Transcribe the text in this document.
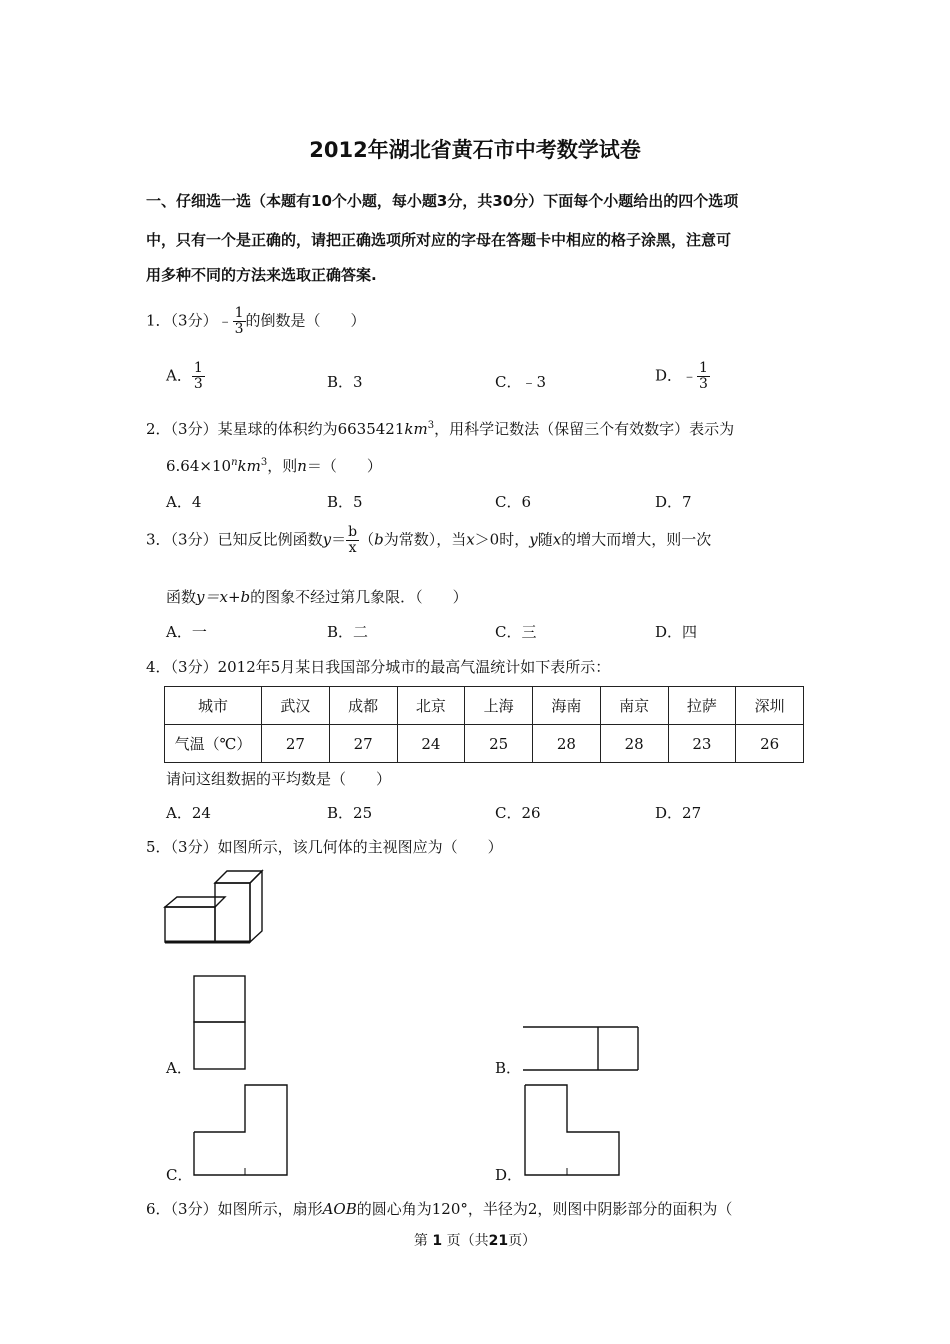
2012年湖北省黄石市中考数学试卷
一、仔细选一选（本题有10个小题，每小题3分，共30分）下面每个小题给出的四个选项
中，只有一个是正确的，请把正确选项所对应的字母在答题卡中相应的格子涂黑，注意可
用多种不同的方法来选取正确答案.
1．（3分）﹣ $\frac{1}{3}$ 的倒数是（　　）
A． $\frac{1}{3}$	B．3	C．﹣3	D．﹣ $\frac{1}{3}$
2．（3分）某星球的体积约为$6635421km^3$，用科学记数法（保留三个有效数字）表示为
$6.64\times 10^nkm^3$，则n＝（　　）
A．4	B．5	C．6	D．7
3．（3分）已知反比例函数$y= \frac{b}{x} (b$为常数），当x＞0时，y随x的增大而增大，则一次
函数y＝x+b的图象不经过第几象限．（　　）
A．一	B．二	C．三	D．四
4．（3分）2012年5月某日我国部分城市的最高气温统计如下表所示：
城市	武汉	成都	北京	上海	海南	南京	拉萨	深圳
气温（℃）	27	27	24	25	28	28	23	26
请问这组数据的平均数是（　　）
A．24	B．25	C．26	D．27
5．（3分）如图所示，该几何体的主视图应为（　　）
A．	B．
C．	D．
6．（3分）如图所示，扇形AOB的圆心角为120°，半径为2，则图中阴影部分的面积为（
第 1 页（共21页）
